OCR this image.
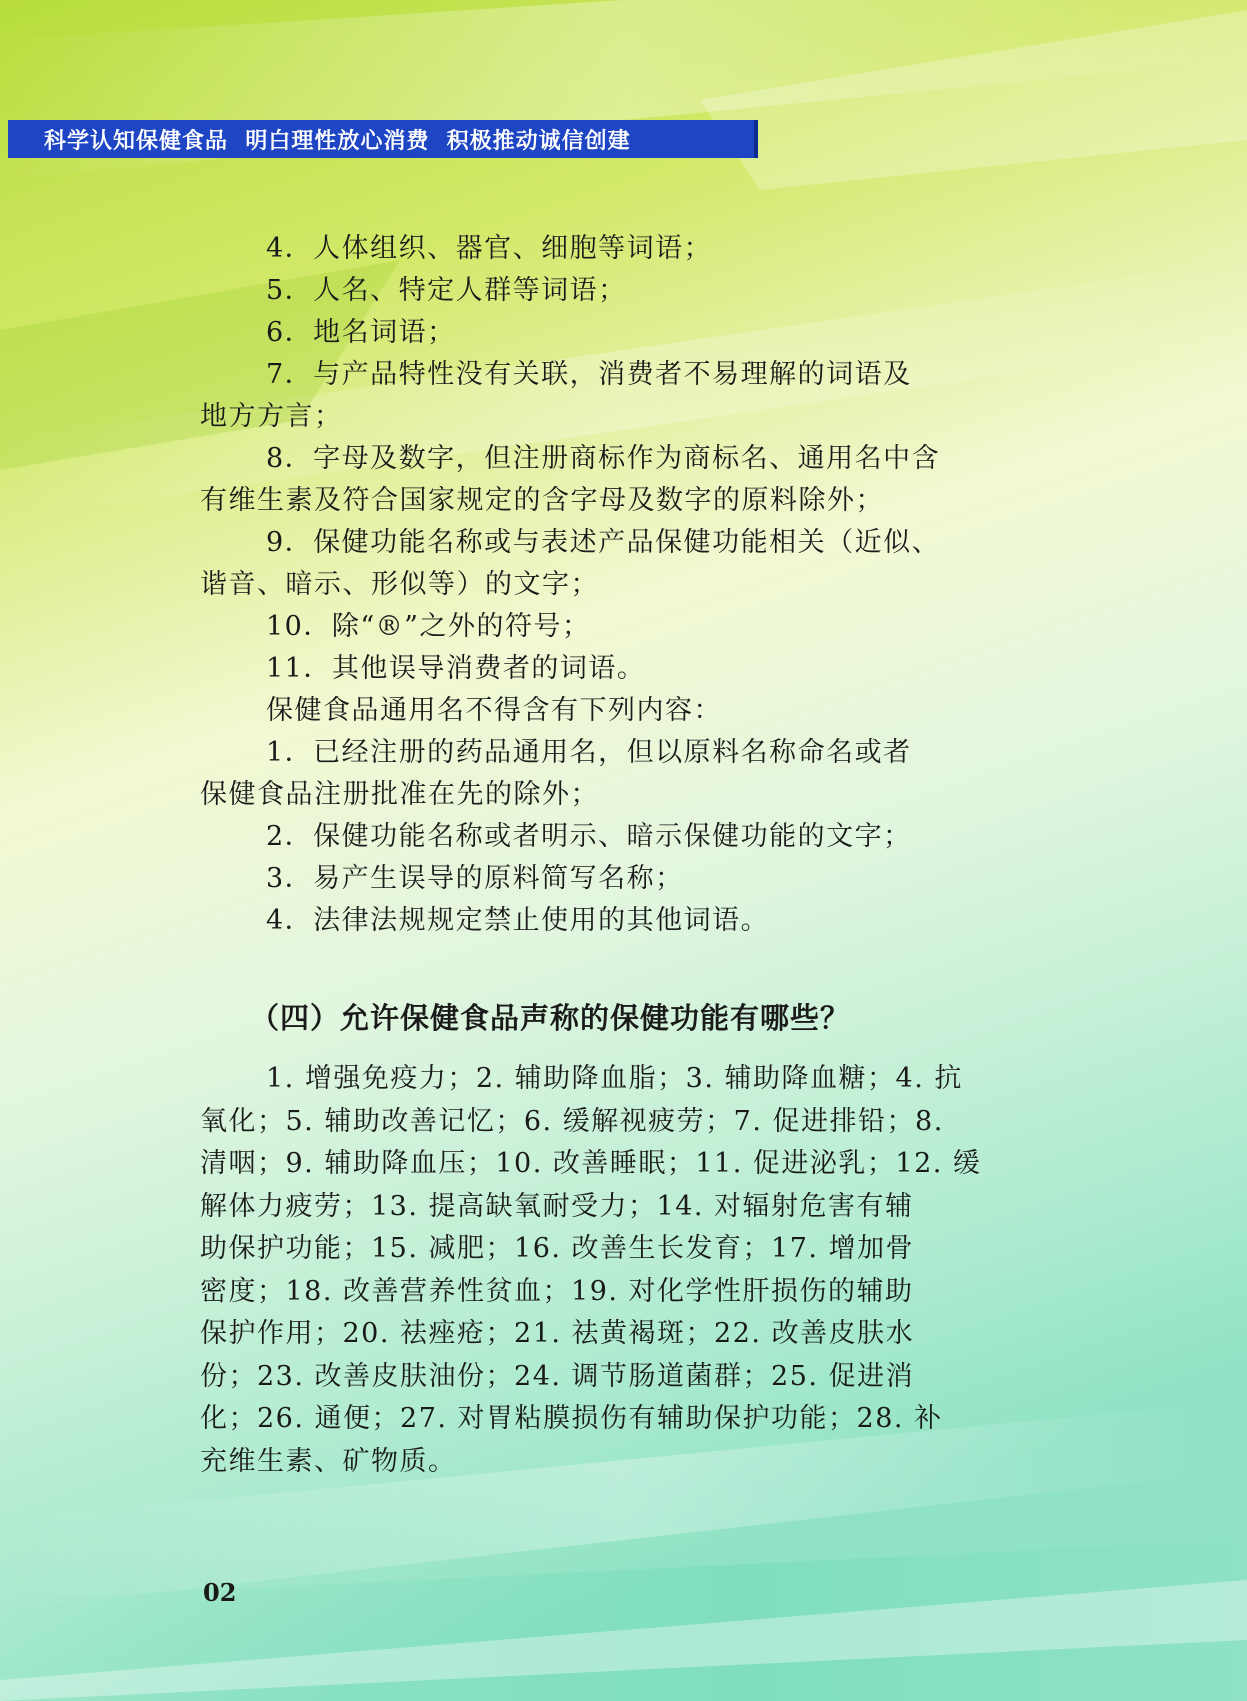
科学认知保健食品  明白理性放心消费  积极推动诚信创建

4．人体组织、器官、细胞等词语；

5．人名、特定人群等词语；

6．地名词语；

7．与产品特性没有关联，消费者不易理解的词语及

地方方言；

8．字母及数字，但注册商标作为商标名、通用名中含

有维生素及符合国家规定的含字母及数字的原料除外；

9．保健功能名称或与表述产品保健功能相关（近似、

谐音、暗示、形似等）的文字；

10．除“®”之外的符号；

11．其他误导消费者的词语。

保健食品通用名不得含有下列内容：

1．已经注册的药品通用名，但以原料名称命名或者

保健食品注册批准在先的除外；

2．保健功能名称或者明示、暗示保健功能的文字；

3．易产生误导的原料简写名称；

4．法律法规规定禁止使用的其他词语。

（四）允许保健食品声称的保健功能有哪些？

1. 增强免疫力；2. 辅助降血脂；3. 辅助降血糖；4. 抗

氧化；5. 辅助改善记忆；6. 缓解视疲劳；7. 促进排铅；8.

清咽；9. 辅助降血压；10. 改善睡眠；11. 促进泌乳；12. 缓

解体力疲劳；13. 提高缺氧耐受力；14. 对辐射危害有辅

助保护功能；15. 减肥；16. 改善生长发育；17. 增加骨

密度；18. 改善营养性贫血；19. 对化学性肝损伤的辅助

保护作用；20. 祛痤疮；21. 祛黄褐斑；22. 改善皮肤水

份；23. 改善皮肤油份；24. 调节肠道菌群；25. 促进消

化；26. 通便；27. 对胃粘膜损伤有辅助保护功能；28. 补

充维生素、矿物质。

02
